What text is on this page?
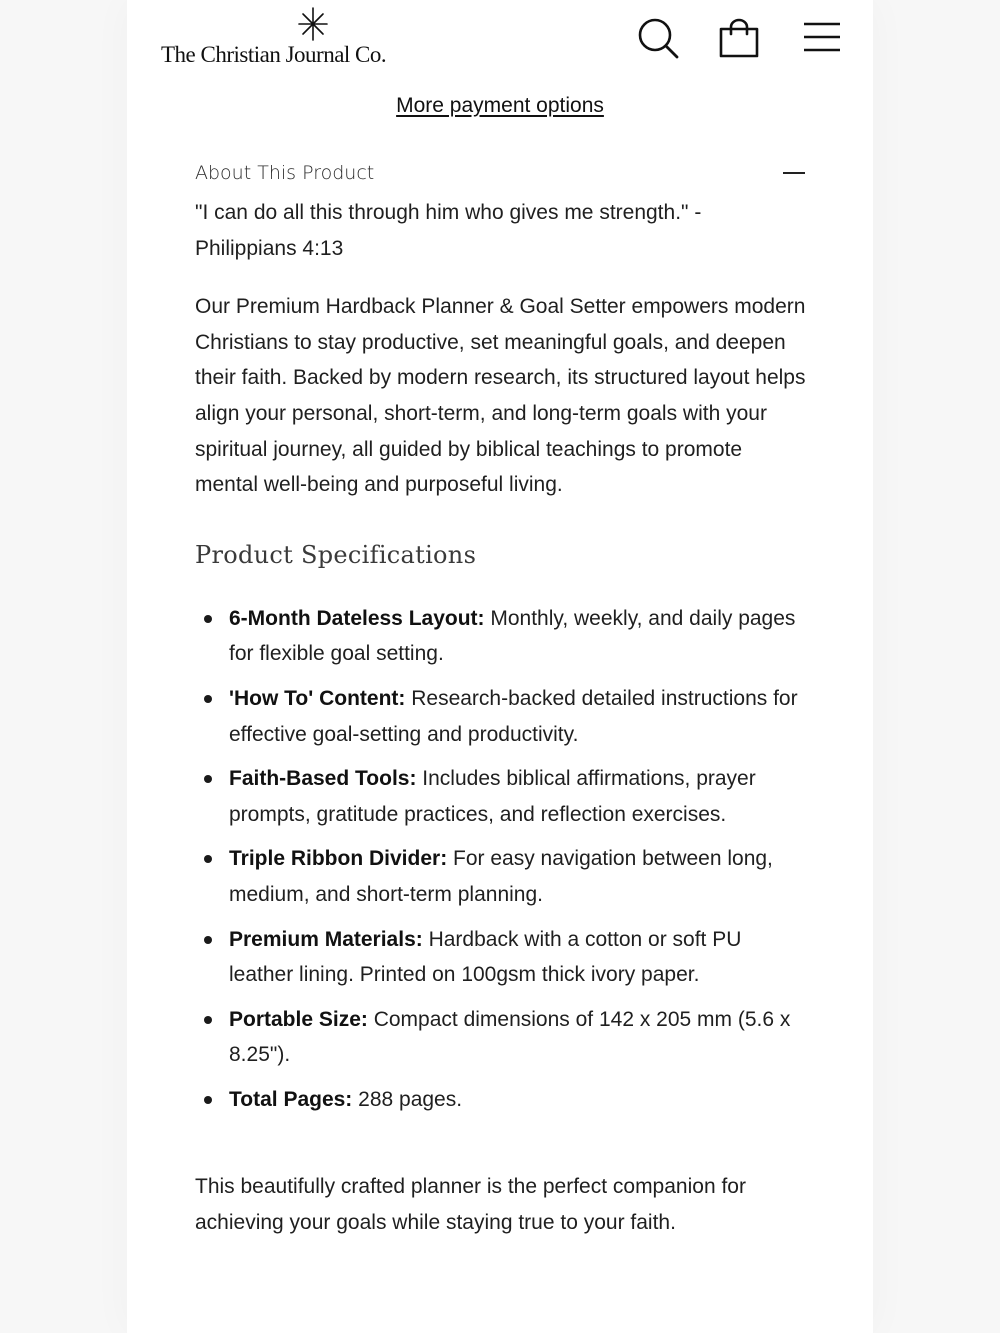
The Christian Journal Co.
More payment options
About This Product

"I can do all this through him who gives me strength." - Philippians 4:13

Our Premium Hardback Planner & Goal Setter empowers modern Christians to stay productive, set meaningful goals, and deepen their faith. Backed by modern research, its structured layout helps align your personal, short-term, and long-term goals with your spiritual journey, all guided by biblical teachings to promote mental well-being and purposeful living.

Product Specifications
6-Month Dateless Layout: Monthly, weekly, and daily pages for flexible goal setting.
'How To' Content: Research-backed detailed instructions for effective goal-setting and productivity.
Faith-Based Tools: Includes biblical affirmations, prayer prompts, gratitude practices, and reflection exercises.
Triple Ribbon Divider: For easy navigation between long, medium, and short-term planning.
Premium Materials: Hardback with a cotton or soft PU leather lining. Printed on 100gsm thick ivory paper.
Portable Size: Compact dimensions of 142 x 205 mm (5.6 x 8.25").
Total Pages: 288 pages.

This beautifully crafted planner is the perfect companion for achieving your goals while staying true to your faith.
